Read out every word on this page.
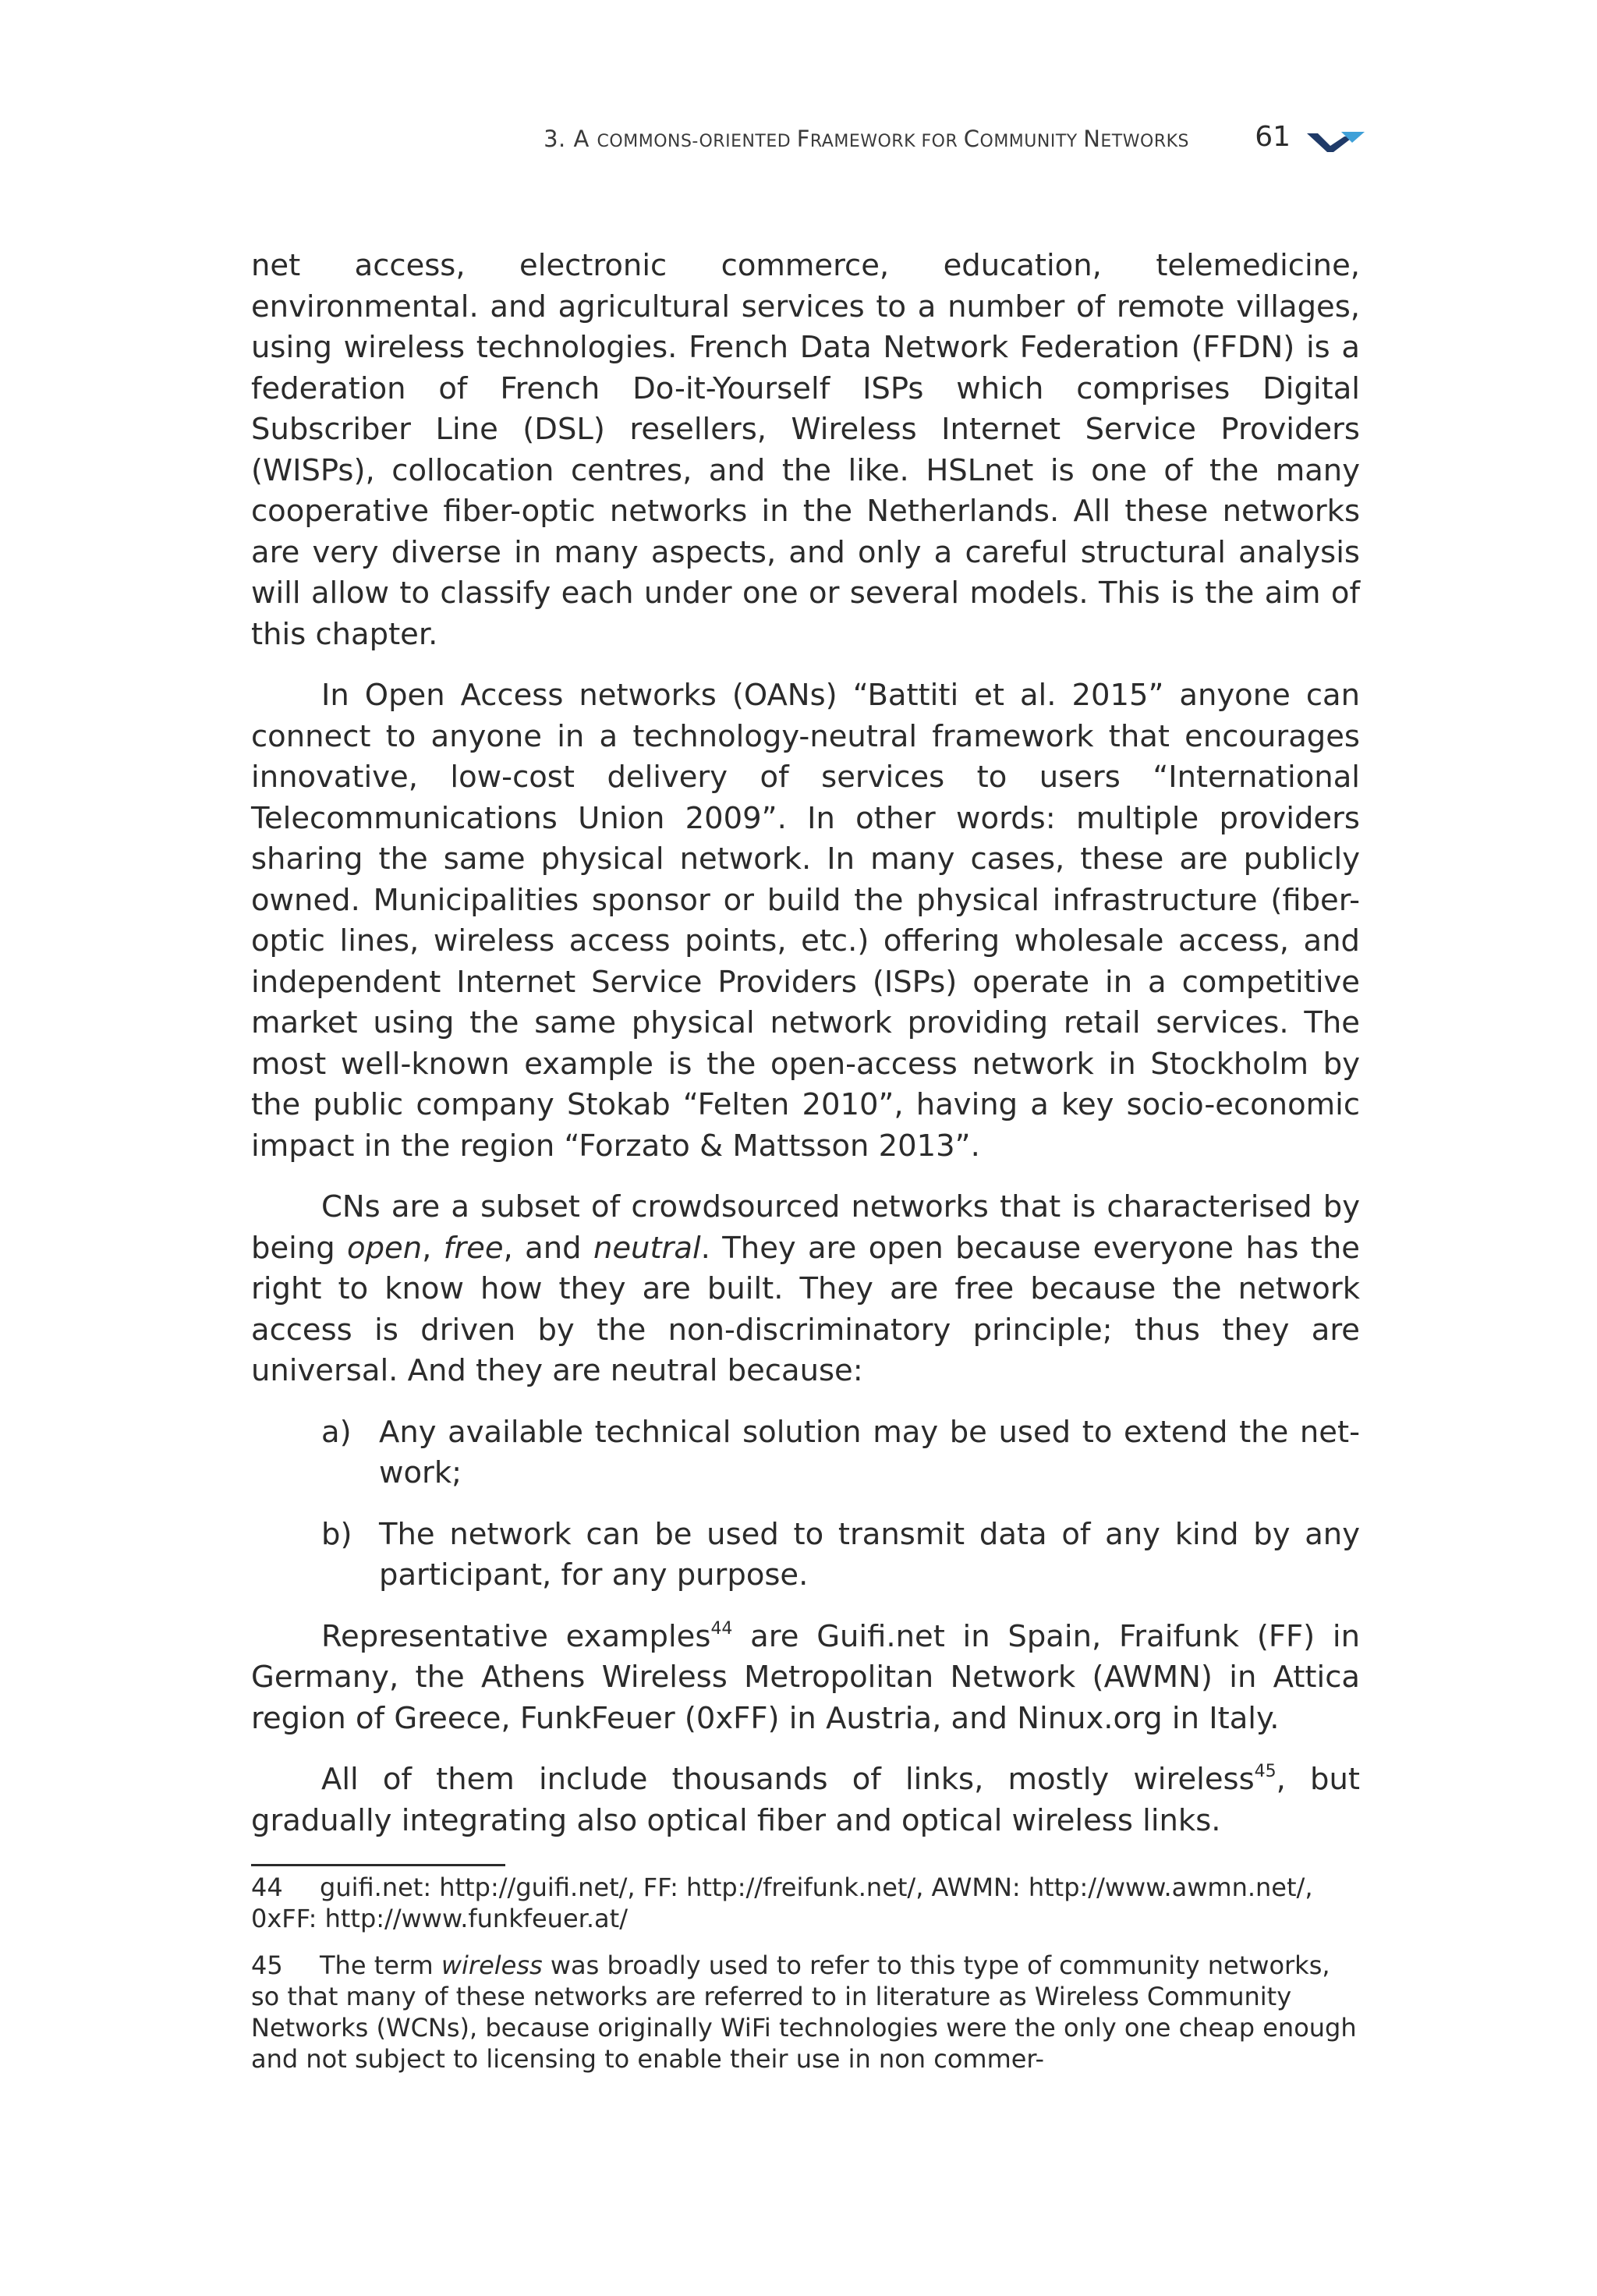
3. A COMMONS-ORIENTED FRAMEWORK FOR COMMUNITY NETWORKS 61

net access, electronic commerce, education, telemedicine, environmental. and agricultural services to a number of remote villages, using wireless technologies. French Data Network Federation (FFDN) is a federation of French Do-it-Yourself ISPs which comprises Digital Subscriber Line (DSL) resellers, Wireless Internet Service Providers (WISPs), collocation centres, and the like. HSLnet is one of the many cooperative fiber-optic networks in the Netherlands. All these networks are very diverse in many aspects, and only a careful structural analysis will allow to classify each under one or several models. This is the aim of this chapter.

In Open Access networks (OANs) “Battiti et al. 2015” anyone can connect to anyone in a technology-neutral framework that encourages innovative, low-cost delivery of services to users “International Telecommunications Union 2009”. In other words: multiple providers sharing the same physical network. In many cases, these are publicly owned. Municipalities sponsor or build the physical infrastructure (fiber-optic lines, wireless access points, etc.) offering wholesale access, and independent Internet Service Providers (ISPs) operate in a competitive market using the same physical network providing retail services. The most well-known example is the open-access network in Stockholm by the public company Stokab “Felten 2010”, having a key socio-economic impact in the region “Forzato & Mattsson 2013”.

CNs are a subset of crowdsourced networks that is characterised by being open, free, and neutral. They are open because everyone has the right to know how they are built. They are free because the network access is driven by the non-discriminatory principle; thus they are universal. And they are neutral because:

a) Any available technical solution may be used to extend the network;
b) The network can be used to transmit data of any kind by any participant, for any purpose.

Representative examples$^{44}$ are Guifi.net in Spain, Fraifunk (FF) in Germany, the Athens Wireless Metropolitan Network (AWMN) in Attica region of Greece, FunkFeuer (0xFF) in Austria, and Ninux.org in Italy.

All of them include thousands of links, mostly wireless$^{45}$, but gradually integrating also optical fiber and optical wireless links.

44 guifi.net: http://guifi.net/, FF: http://freifunk.net/, AWMN: http://www.awmn.net/, 0xFF: http://www.funkfeuer.at/

45 The term wireless was broadly used to refer to this type of community networks, so that many of these networks are referred to in literature as Wireless Community Networks (WCNs), because originally WiFi technologies were the only one cheap enough and not subject to licensing to enable their use in non commer-
